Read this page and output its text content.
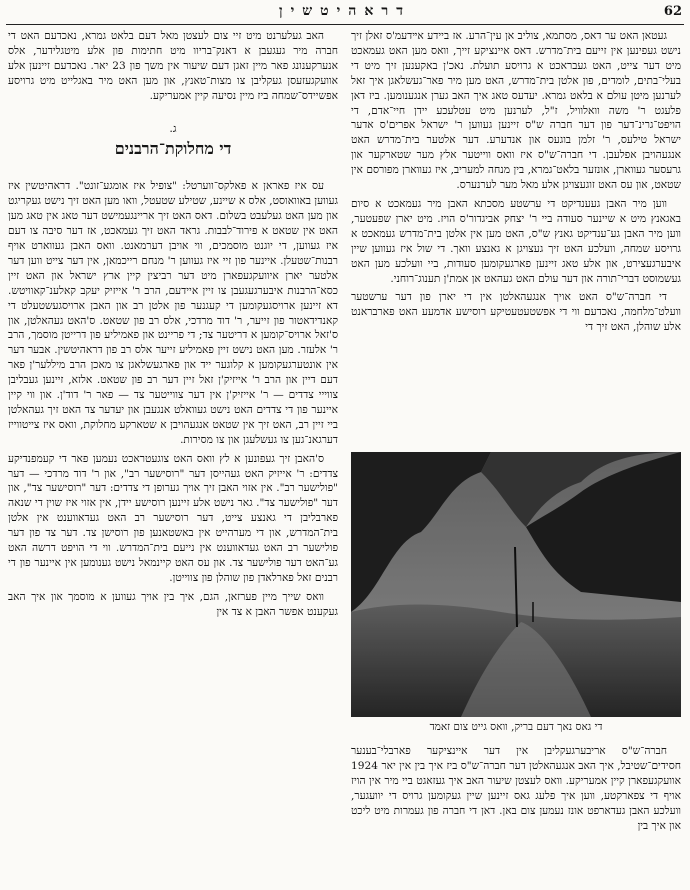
דראהיטשין	62

געטאן האט ער דאס, מסתמא, צוליב אן עין־הרע. אז ביידע אײדעמ'ס זאלן זיך נישט געפינען אין זייעם בית־מדרש. דאס איינציקע זייך, וואס מען האט געמאכט מיט דער צייט, האט געבראכט א גרויסע תועלת. נאכ'ן באקענען זיך מיט די בעלי־בתים, לומדים, פון אלטן בית־מדרש, האט מען מיר פאר־געשלאגן איך זאל לערנען מיטן עולם א בלאט גמרא. יעדעס טאג איך האב גערן אנגענומען. ביז דאן פלעגט ר' משה וואלוויל, ז"ל, לערנען מיט עטלעכע יידן חיי־אדם, די הויפט־גרינ־דער פון דער חברה ש"ס זיינען געווען ר' ישראל אפרים'ס אדער ישראל טילעס, ר' זלמן בוגעס און אנדערע. דער אלטער בית־מדרש האט אנגעהויבן אפלעבן. די חברה־ש"ס איז וואס ווייטער אלץ מער שטארקער און גרעסער געווארן, אונזער בלאט־גמרא, בין מנחה למעריב, איז געווארן מפורסם אין שטאט, און עס האט זוגעצויגן אלע מאל מער לערנערס.

ווען מיר האבן געענדיקט די ערשטע מסכתא האבן מיר געמאכט א סיום באגאנץ מיט א שיינער סעודה ביי ר' יצחק אביגדור'ס הויז. מיט יארן שפעטער, ווען מיר האבן גע־ענדיקט גאנץ ש"ס, האט מען אין אלטן בית־מדרש געמאכט א גרויסע שמחה, וועלכע האט זיך געצויגן א גאנצע וואך. די שול איז געווען שיין איבערגעצירט, און אלע טאג זיינען פארגעקומען סעודות, ביי וועלכע מען האט געשמוסט דברי־תורה און דער עולם האט געהאט אן אמת'ן תענוג־רוחני.

די חברה־ש"ס האט אויך אנגעהאלטן אין די יארן פון דער ערשטער וועלט־מלחמה, נאכדעם ווי די אפשטעטעטיקע רוסישע אדמעע האט פארבראנט אלע שוהלן, האט זיך די

די גאס נאך דעם בריק, וואס גייט צום זאמד

חברה־ש"ס אריבערגעקליבן אין דער איינציקער פארבלי־בענער חסידים־שטיבל, איך האב אנגעהאלטן דער חברה־ש"ס ביז איך בין אין יאר 1924 אוועקגעפארן קיין אמעריקע. וואס לעצטן שיעור האב איך געזאגט ביי מיר אין הויז אויף די צפארקטע, ווען איך פלעג גאס זיינען שיין געקומען גרויס די יוועגער, וועלכע האבן געדארפט אונז נעמען צום באן. דאן די חברה פון געמרות מיט ליכט און איך בין

האב געלערנט מיט זיי צום לעצטן מאל דעם בלאט גמרא, נאכדעם האט די חברה מיר געגעבן א דאנק־בריוו מיט חתימות פון אלע מיטגלידער, אלס אנערקענונג פאר מיין זאגן דעם שיעור אין משך פון 23 יאר. נאכדעם זיינען אלע אוועקגעזעסן געקליבן צו מצות־טאנץ, און מען האט מיר באגלייט מיט גרויסע אפשיידס־שמחה ביז מיין נסיעה קיין אמעריקע.

ג.
די מחלוקת־הרבנים

עס איז פאראן א פאלקס־ווערטל: "צופיל איז אומגע־זונט". דראהיטשין איז געווען באוואוסט, אלס א שיינע, שטילע שטעטל, וואו מען האט זיך נישט געקריגט און מען האט געלעבט בשלום. דאס האט זיך אריינגעמישט דער טאג אין טאג מען האט אין שטאט א פירוד־לבבות. גראד האט זיך געמאכט, אז דער סיבה צו דעם איז געווען, די יוגנט מוסמכים, ווי אויבן דערמאנט. וואס האבן געווארט אויף רבנות־שטעלן. איינער פון זיי איז געווען ר' מנחם רייכמאן, אין דער צייט ווען דער אלטער יארן איוועקגעפארן מיט דער רביצין קיין ארץ ישראל און האט זיין כסא־הרבנות איבערגעגעבן צו זיין איידעם, הרב ר' אייזיק יעקב קאלענ־קאוויטש. דא זיינען ארויסגעקומען די קעגנער פון אלטן רב און האבן ארויסגעשטעלט די קאנדידאטור פון זייער, ר' דוד מרדכי, אלס רב פון שטאט. ס'האט געהאלטן, און ס'זאל ארויס־קומען א דריטער צד; די פריינט און פאמיליע פון דרייטן מוסמך, הרב ר' אלעזר. מען האט נישט זיין פאמיליע זייער אלס רב פון דראהיטשין. אבער דער אין אונטערגעקומען א קלוגער ייד און פארגעשלאגן צו מאכן הרב מיללער'ן פאר דעם דיין און הרב ר' אייזיק'ן זאל זיין דער רב פון שטאט. אלזא, זיינען געבליבן צווייי צדדים — ר' אייזיק'ן אין דער צווייטער צד — פאר ר' דוד'ן. און ווי קיין איינער פון די צדדים האט נישט געוואלט אנגעבן און יעדער צד האט זיך געהאלטן ביי זיין רב, האט זיך אין שטאט אנגעהויבן א שטארקע מחלוקת, וואס איז צייטווייז דערגאנ־גען צו געשלעגן און צו מסירות.

ס'האבן זיך געפונען א לץ וואס האט צוגעטראכט נעמען פאר די קעמפנדיקע צדדים: ר' אייזיק האט געהייסן דער "רוסישער רב", און ר' דוד מרדכי — דער "פולישער רב". אין אזוי האבן זיך אויך גערופן די צדדים: דער "רוסישער צד", און דער "פולישער צד". גאר נישט אלע זיינען רוסישע יידן, אין אזוי איז שוין די שנאה פארבליבן די גאנצע צייט, דער רוסישער רב האט געדאווענט אין אלטן בית־המדרש, און די מערהייט אין באשטאנען פון רוסישן צד. דער צד פון דער פולישער רב האט געדאווענט אין נייעם בית־המדרש. ווי די הויפט דרשה האט גע־האט דער פולישער צד. און עס האט קיינמאל נישט גענומען אין איינער פון די רבנים זאל פארלאדן פון שוהלן פון צווייטן.

וואס שייך מיין פערזאן, הגם, איך בין אויך געווען א מוסמך און איך האב געקענט אפשר האבן א צד אין
